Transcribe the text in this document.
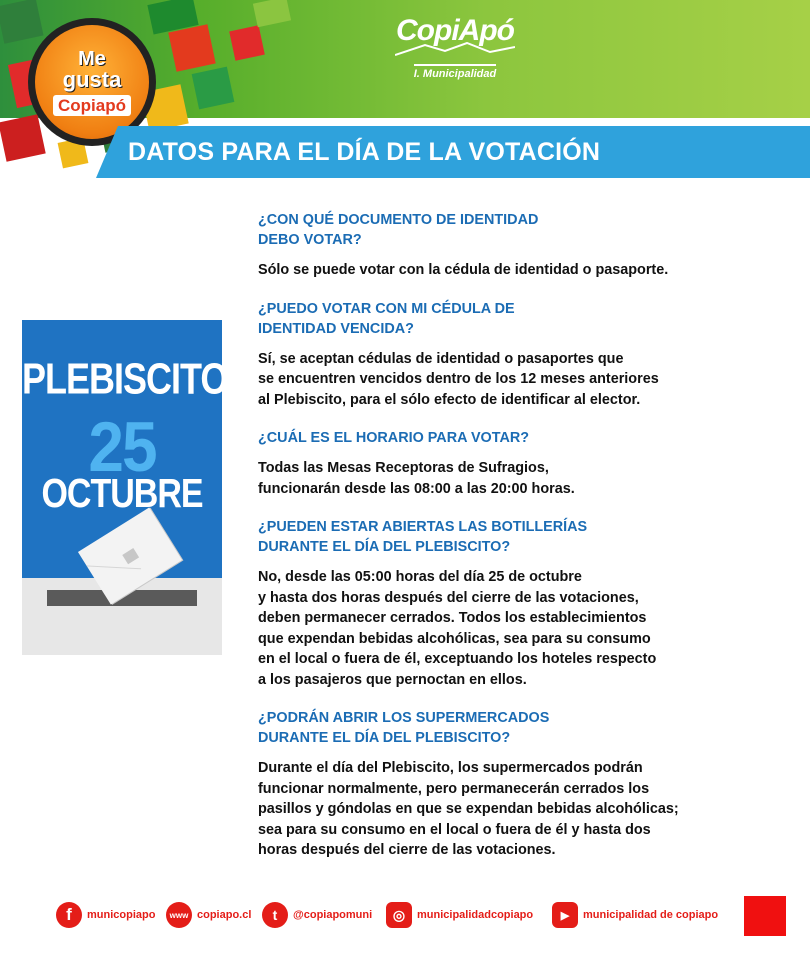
Me
gusta
Copiapó
CopiApó
I. Municipalidad
DATOS PARA EL DÍA DE LA VOTACIÓN
PLEBISCITO
25
OCTUBRE
¿CON QUÉ DOCUMENTO DE IDENTIDAD
DEBO VOTAR?
Sólo se puede votar con la cédula de identidad o pasaporte.
¿PUEDO VOTAR CON MI CÉDULA DE
IDENTIDAD VENCIDA?
Sí, se aceptan cédulas de identidad o pasaportes que
se encuentren vencidos dentro de los 12 meses anteriores
al Plebiscito, para el sólo efecto de identificar al elector.
¿CUÁL ES EL HORARIO PARA VOTAR?
Todas las Mesas Receptoras de Sufragios,
funcionarán desde las 08:00 a las 20:00 horas.
¿PUEDEN ESTAR ABIERTAS LAS BOTILLERÍAS
DURANTE EL DÍA DEL PLEBISCITO?
No, desde las 05:00 horas del día 25 de octubre
y hasta dos horas después del cierre de las votaciones,
deben permanecer cerrados. Todos los establecimientos
que expendan bebidas alcohólicas, sea para su consumo
en el local o fuera de él, exceptuando los hoteles respecto
a los pasajeros que pernoctan en ellos.
¿PODRÁN ABRIR LOS SUPERMERCADOS
DURANTE EL DÍA DEL PLEBISCITO?
Durante el día del Plebiscito, los supermercados podrán
funcionar normalmente, pero permanecerán cerrados los
pasillos y góndolas en que se expendan bebidas alcohólicas;
sea para su consumo en el local o fuera de él y hasta dos
horas después del cierre de las votaciones.
f	municopiapo	www copiapo.cl	t	@copiapomuni	◎	municipalidadcopiapo	▶	municipalidad de copiapo
